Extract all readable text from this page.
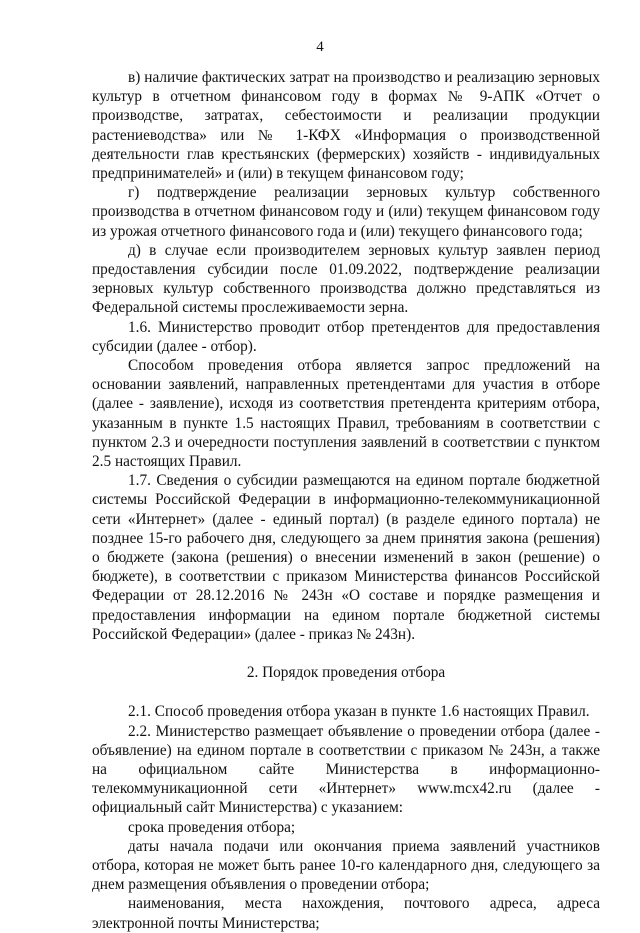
4

в) наличие фактических затрат на производство и реализацию зерновых культур в отчетном финансовом году в формах № 9-АПК «Отчет о производстве, затратах, себестоимости и реализации продукции растениеводства» или № 1-КФХ «Информация о производственной деятельности глав крестьянских (фермерских) хозяйств - индивидуальных предпринимателей» и (или) в текущем финансовом году;

г) подтверждение реализации зерновых культур собственного производства в отчетном финансовом году и (или) текущем финансовом году из урожая отчетного финансового года и (или) текущего финансового года;

д) в случае если производителем зерновых культур заявлен период предоставления субсидии после 01.09.2022, подтверждение реализации зерновых культур собственного производства должно представляться из Федеральной системы прослеживаемости зерна.

1.6. Министерство проводит отбор претендентов для предоставления субсидии (далее - отбор).

Способом проведения отбора является запрос предложений на основании заявлений, направленных претендентами для участия в отборе (далее - заявление), исходя из соответствия претендента критериям отбора, указанным в пункте 1.5 настоящих Правил, требованиям в соответствии с пунктом 2.3 и очередности поступления заявлений в соответствии с пунктом 2.5 настоящих Правил.

1.7. Сведения о субсидии размещаются на едином портале бюджетной системы Российской Федерации в информационно-телекоммуникационной сети «Интернет» (далее - единый портал) (в разделе единого портала) не позднее 15-го рабочего дня, следующего за днем принятия закона (решения) о бюджете (закона (решения) о внесении изменений в закон (решение) о бюджете), в соответствии с приказом Министерства финансов Российской Федерации от 28.12.2016 № 243н «О составе и порядке размещения и предоставления информации на едином портале бюджетной системы Российской Федерации» (далее - приказ № 243н).

2. Порядок проведения отбора

2.1. Способ проведения отбора указан в пункте 1.6 настоящих Правил.

2.2. Министерство размещает объявление о проведении отбора (далее - объявление) на едином портале в соответствии с приказом № 243н, а также на официальном сайте Министерства в информационно-телекоммуникационной сети «Интернет» www.mcx42.ru (далее - официальный сайт Министерства) с указанием:

срока проведения отбора;

даты начала подачи или окончания приема заявлений участников отбора, которая не может быть ранее 10-го календарного дня, следующего за днем размещения объявления о проведении отбора;

наименования, места нахождения, почтового адреса, адреса электронной почты Министерства;
